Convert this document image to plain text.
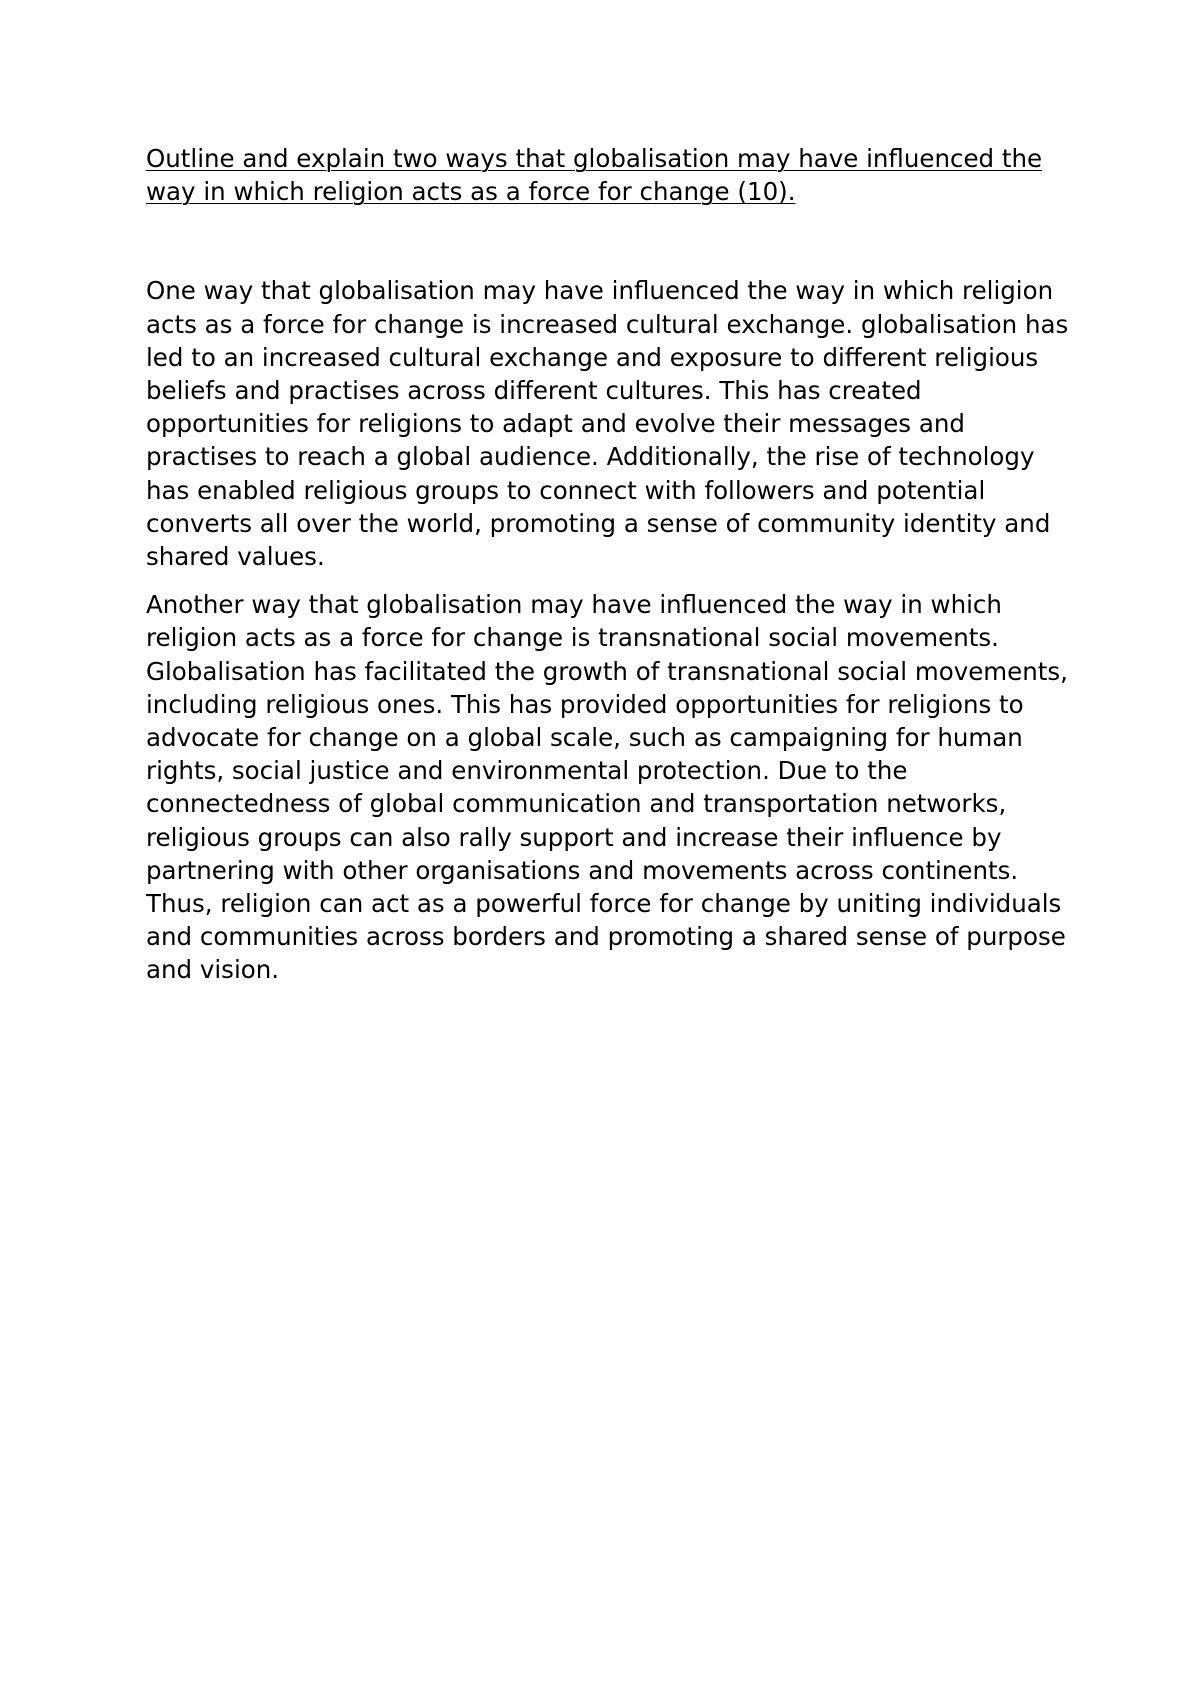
Outline and explain two ways that globalisation may have influenced the way in which religion acts as a force for change (10).

One way that globalisation may have influenced the way in which religion acts as a force for change is increased cultural exchange. globalisation has led to an increased cultural exchange and exposure to different religious beliefs and practises across different cultures. This has created opportunities for religions to adapt and evolve their messages and practises to reach a global audience. Additionally, the rise of technology has enabled religious groups to connect with followers and potential converts all over the world, promoting a sense of community identity and shared values.

Another way that globalisation may have influenced the way in which religion acts as a force for change is transnational social movements. Globalisation has facilitated the growth of transnational social movements, including religious ones. This has provided opportunities for religions to advocate for change on a global scale, such as campaigning for human rights, social justice and environmental protection. Due to the connectedness of global communication and transportation networks, religious groups can also rally support and increase their influence by partnering with other organisations and movements across continents. Thus, religion can act as a powerful force for change by uniting individuals and communities across borders and promoting a shared sense of purpose and vision.
